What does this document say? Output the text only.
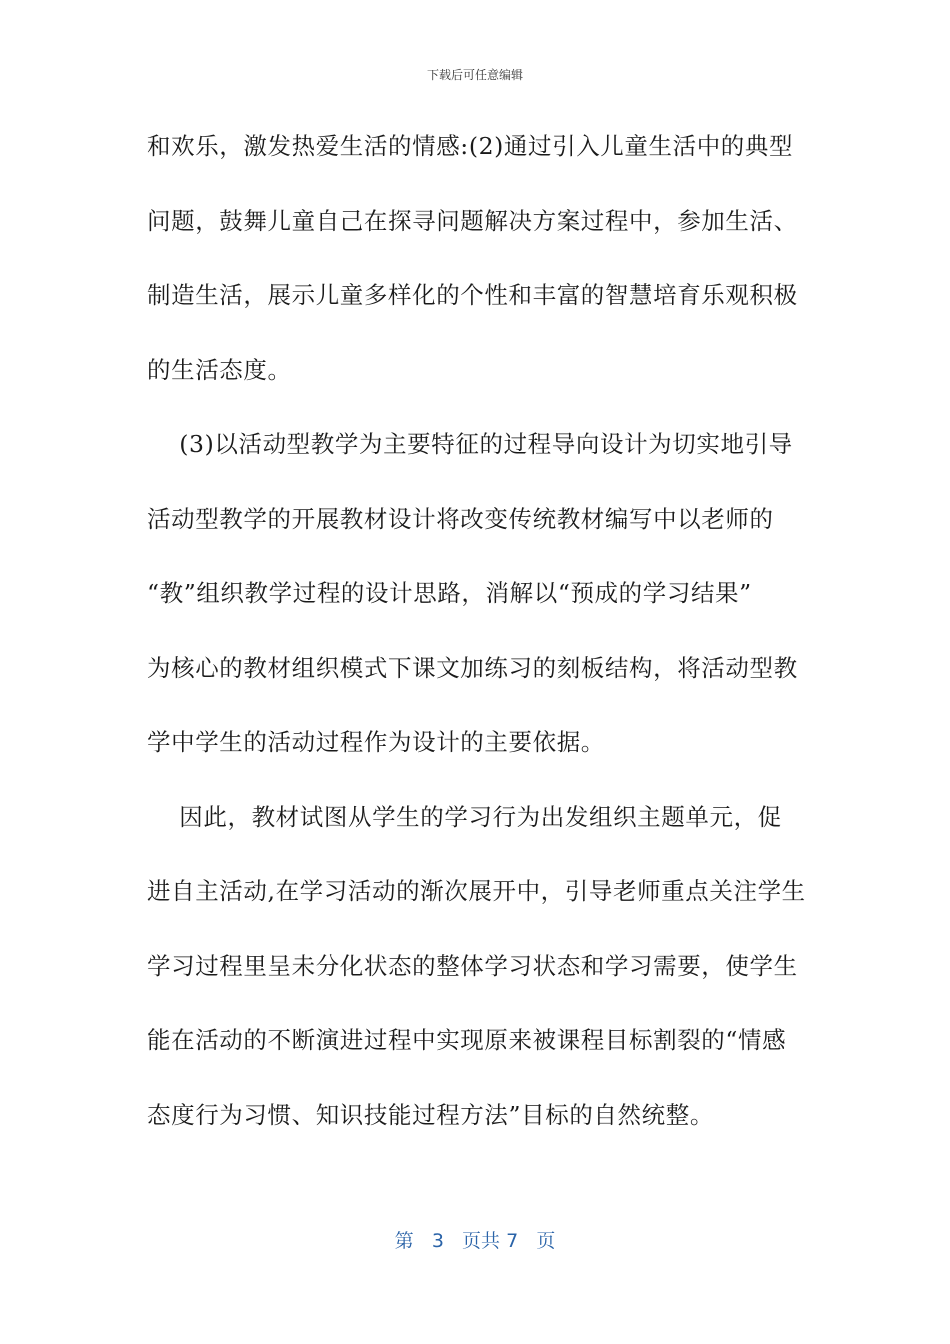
下载后可任意编辑
和欢乐，激发热爱生活的情感:(2)通过引入儿童生活中的典型
问题，鼓舞儿童自己在探寻问题解决方案过程中，参加生活、
制造生活，展示儿童多样化的个性和丰富的智慧培育乐观积极
的生活态度。
(3)以活动型教学为主要特征的过程导向设计为切实地引导
活动型教学的开展教材设计将改变传统教材编写中以老师的
“教”组织教学过程的设计思路，消解以“预成的学习结果”
为核心的教材组织模式下课文加练习的刻板结构，将活动型教
学中学生的活动过程作为设计的主要依据。
因此，教材试图从学生的学习行为出发组织主题单元，促
进自主活动,在学习活动的渐次展开中，引导老师重点关注学生
学习过程里呈未分化状态的整体学习状态和学习需要，使学生
能在活动的不断演进过程中实现原来被课程目标割裂的“情感
态度行为习惯、知识技能过程方法”目标的自然统整。
第 3 页共 7 页
